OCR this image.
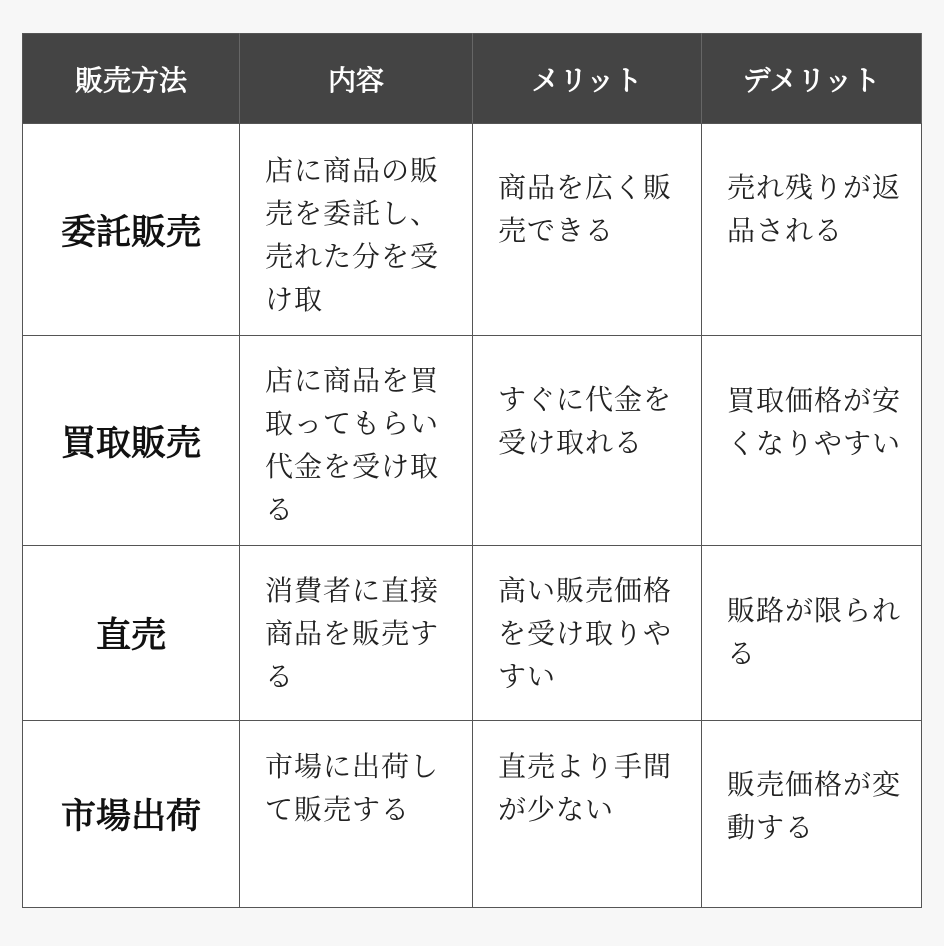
販売方法	内容	メリット	デメリット
委託販売	店に商品の販売を委託し、売れた分を受け取	商品を広く販売できる	売れ残りが返品される

買取販売	店に商品を買取ってもらい代金を受け取る	すぐに代金を受け取れる	買取価格が安くなりやすい

直売	消費者に直接商品を販売する	高い販売価格を受け取りやすい	販路が限られる

市場出荷	市場に出荷して販売する	直売より手間が少ない	販売価格が変動する
